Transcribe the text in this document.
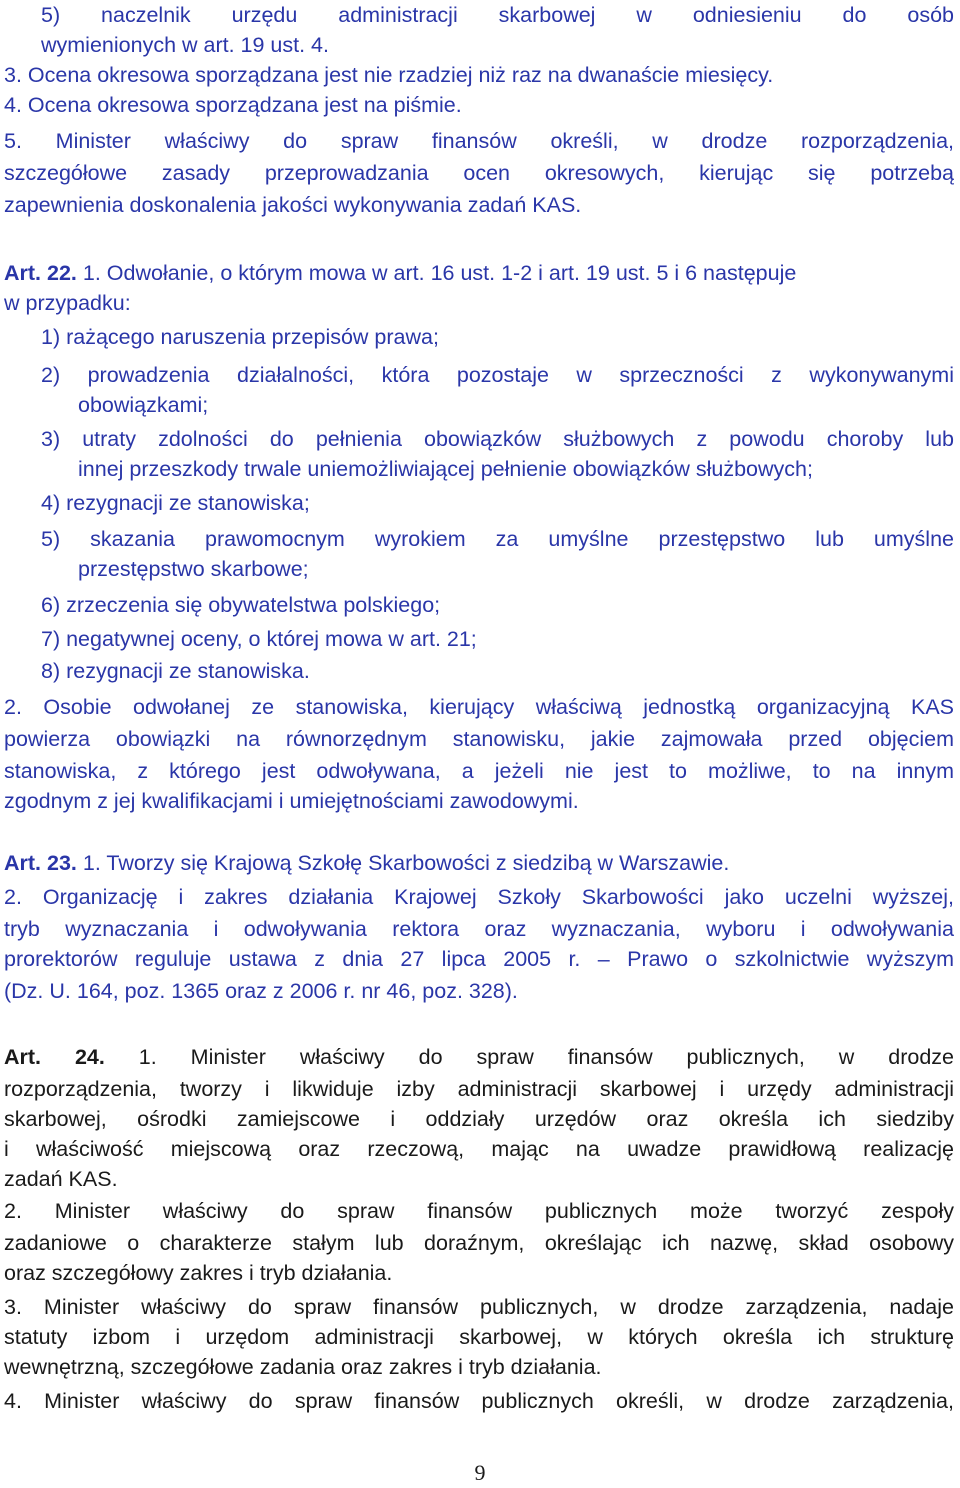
5) naczelnik urzędu administracji skarbowej w odniesieniu do osób
wymienionych w art. 19 ust. 4.
3. Ocena okresowa sporządzana jest nie rzadziej niż raz na dwanaście miesięcy.
4. Ocena okresowa sporządzana jest na piśmie.
5. Minister właściwy do spraw finansów określi, w drodze rozporządzenia,
szczegółowe zasady przeprowadzania ocen okresowych, kierując się potrzebą
zapewnienia doskonalenia jakości wykonywania zadań KAS.
Art. 22. 1. Odwołanie, o którym mowa w art. 16 ust. 1-2 i art. 19 ust. 5 i 6 następuje
w przypadku:
1) rażącego naruszenia przepisów prawa;
2) prowadzenia działalności, która pozostaje w sprzeczności z wykonywanymi
obowiązkami;
3) utraty zdolności do pełnienia obowiązków służbowych z powodu choroby lub
innej przeszkody trwale uniemożliwiającej pełnienie obowiązków służbowych;
4) rezygnacji ze stanowiska;
5) skazania prawomocnym wyrokiem za umyślne przestępstwo lub umyślne
przestępstwo skarbowe;
6) zrzeczenia się obywatelstwa polskiego;
7) negatywnej oceny, o której mowa w art. 21;
8) rezygnacji ze stanowiska.
2. Osobie odwołanej ze stanowiska, kierujący właściwą jednostką organizacyjną KAS
powierza obowiązki na równorzędnym stanowisku, jakie zajmowała przed objęciem
stanowiska, z którego jest odwoływana, a jeżeli nie jest to możliwe, to na innym
zgodnym z jej kwalifikacjami i umiejętnościami zawodowymi.
Art. 23. 1. Tworzy się Krajową Szkołę Skarbowości z siedzibą w Warszawie.
2. Organizację i zakres działania Krajowej Szkoły Skarbowości jako uczelni wyższej,
tryb wyznaczania i odwoływania rektora oraz wyznaczania, wyboru i odwoływania
prorektorów reguluje ustawa z dnia 27 lipca 2005 r. – Prawo o szkolnictwie wyższym
(Dz. U. 164, poz. 1365 oraz z 2006 r. nr 46, poz. 328).
Art. 24. 1. Minister właściwy do spraw finansów publicznych, w drodze
rozporządzenia, tworzy i likwiduje izby administracji skarbowej i urzędy administracji
skarbowej, ośrodki zamiejscowe i oddziały urzędów oraz określa ich siedziby
i właściwość miejscową oraz rzeczową, mając na uwadze prawidłową realizację
zadań KAS.
2. Minister właściwy do spraw finansów publicznych może tworzyć zespoły
zadaniowe o charakterze stałym lub doraźnym, określając ich nazwę, skład osobowy
oraz szczegółowy zakres i tryb działania.
3. Minister właściwy do spraw finansów publicznych, w drodze zarządzenia, nadaje
statuty izbom i urzędom administracji skarbowej, w których określa ich strukturę
wewnętrzną, szczegółowe zadania oraz zakres i tryb działania.
4. Minister właściwy do spraw finansów publicznych określi, w drodze zarządzenia,
9
